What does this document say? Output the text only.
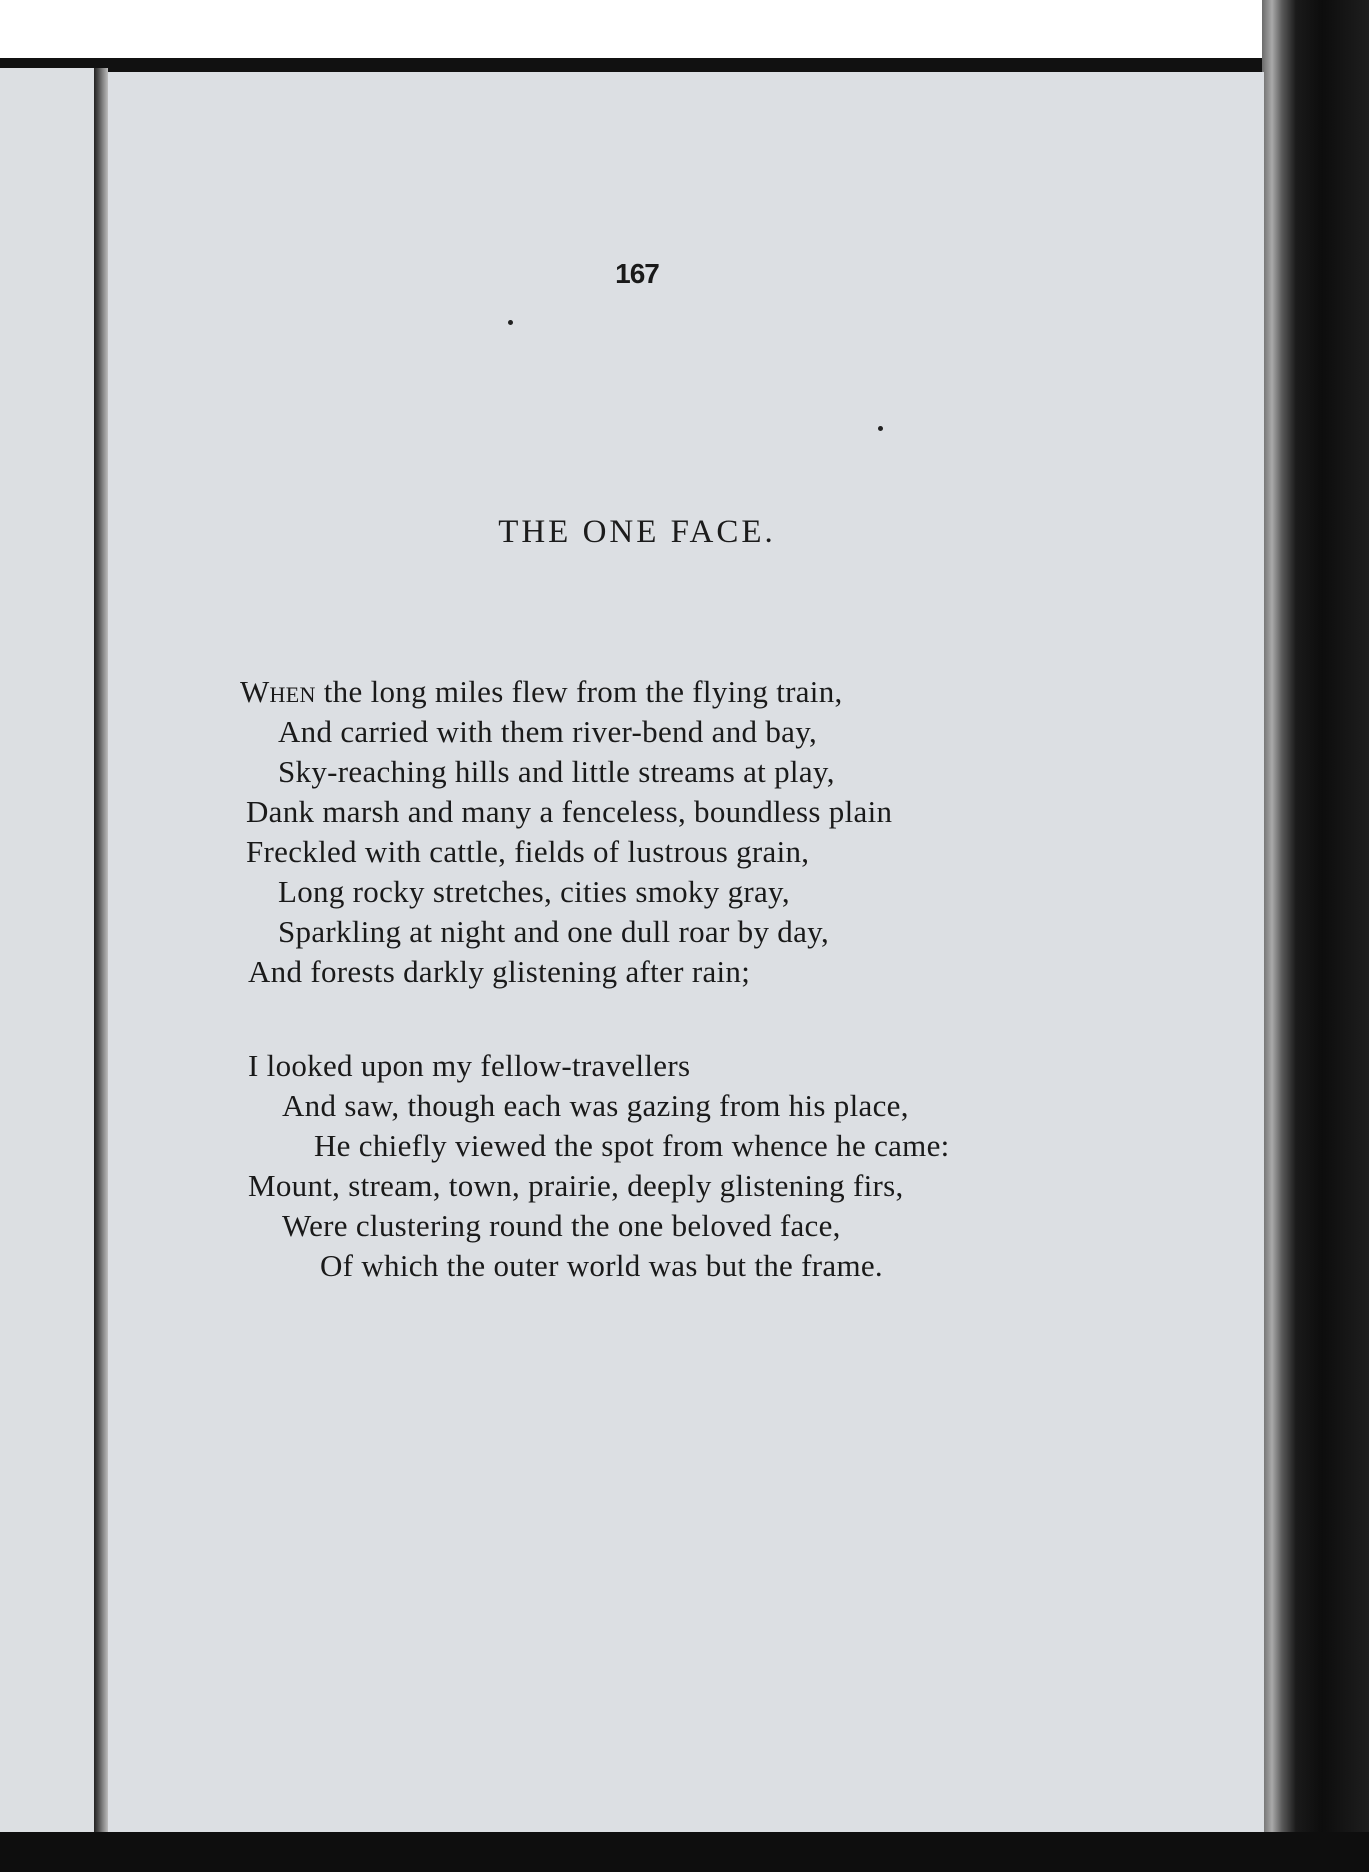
167
THE ONE FACE.
When the long miles flew from the flying train,
And carried with them river-bend and bay,
Sky-reaching hills and little streams at play,
Dank marsh and many a fenceless, boundless plain
Freckled with cattle, fields of lustrous grain,
Long rocky stretches, cities smoky gray,
Sparkling at night and one dull roar by day,
And forests darkly glistening after rain;
I looked upon my fellow-travellers
And saw, though each was gazing from his place,
He chiefly viewed the spot from whence he came:
Mount, stream, town, prairie, deeply glistening firs,
Were clustering round the one beloved face,
Of which the outer world was but the frame.
